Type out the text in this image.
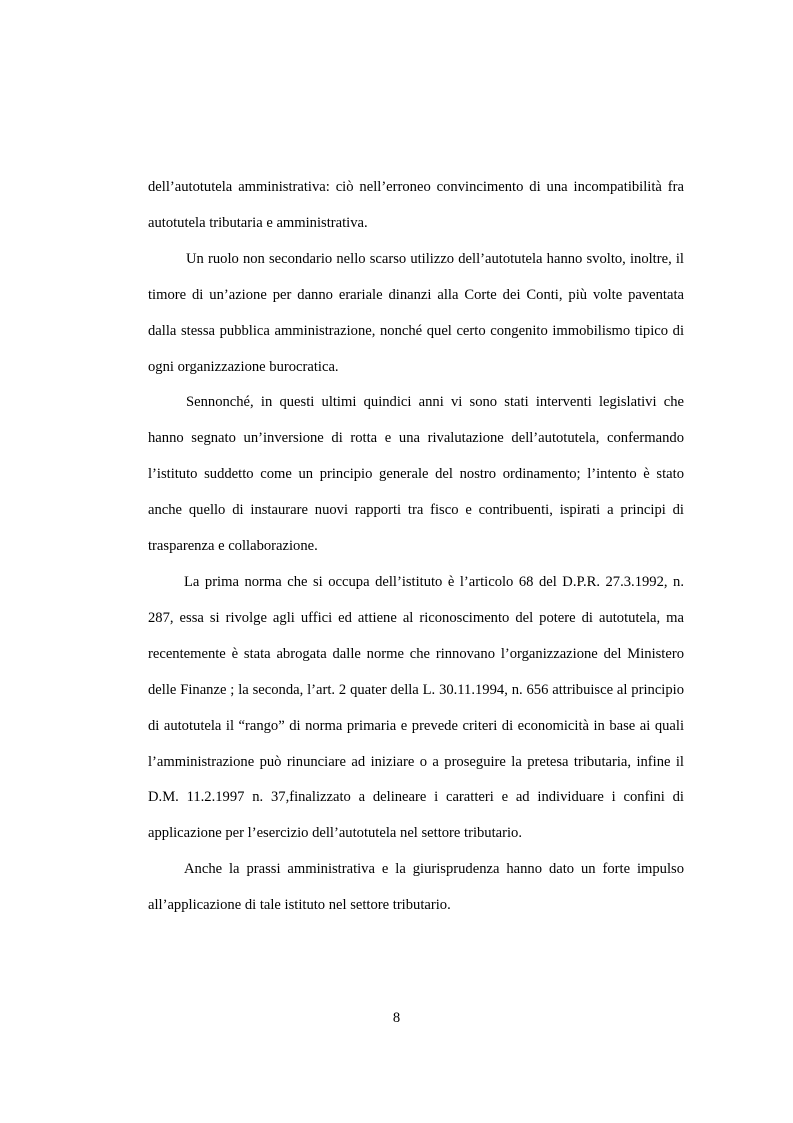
dell’autotutela amministrativa: ciò nell’erroneo convincimento di una incompatibilità fra autotutela tributaria e amministrativa.

Un ruolo non secondario nello scarso utilizzo dell’autotutela hanno svolto, inoltre, il timore di un’azione per danno erariale dinanzi alla Corte dei Conti, più volte paventata dalla stessa pubblica amministrazione, nonché quel certo congenito immobilismo tipico di ogni organizzazione burocratica.

Sennonché, in questi ultimi quindici anni vi sono stati interventi legislativi che hanno segnato un’inversione di rotta e una rivalutazione dell’autotutela, confermando l’istituto suddetto come un principio generale del nostro ordinamento; l’intento è stato anche quello di instaurare nuovi rapporti tra fisco e contribuenti, ispirati a principi di trasparenza e collaborazione.

La prima norma che si occupa dell’istituto è l’articolo 68 del D.P.R. 27.3.1992, n. 287, essa si rivolge agli uffici ed attiene al riconoscimento del potere di autotutela, ma recentemente è stata abrogata dalle norme che rinnovano l’organizzazione del Ministero delle Finanze ; la seconda, l’art. 2 quater della L. 30.11.1994, n. 656 attribuisce al principio di autotutela il “rango” di norma primaria e prevede criteri di economicità in base ai quali l’amministrazione può rinunciare ad iniziare o a proseguire la pretesa tributaria, infine il D.M. 11.2.1997 n. 37,finalizzato a delineare i caratteri e ad individuare i confini di applicazione per l’esercizio dell’autotutela nel settore tributario.

Anche la prassi amministrativa e la giurisprudenza hanno dato un forte impulso all’applicazione di tale istituto nel settore tributario.

8
